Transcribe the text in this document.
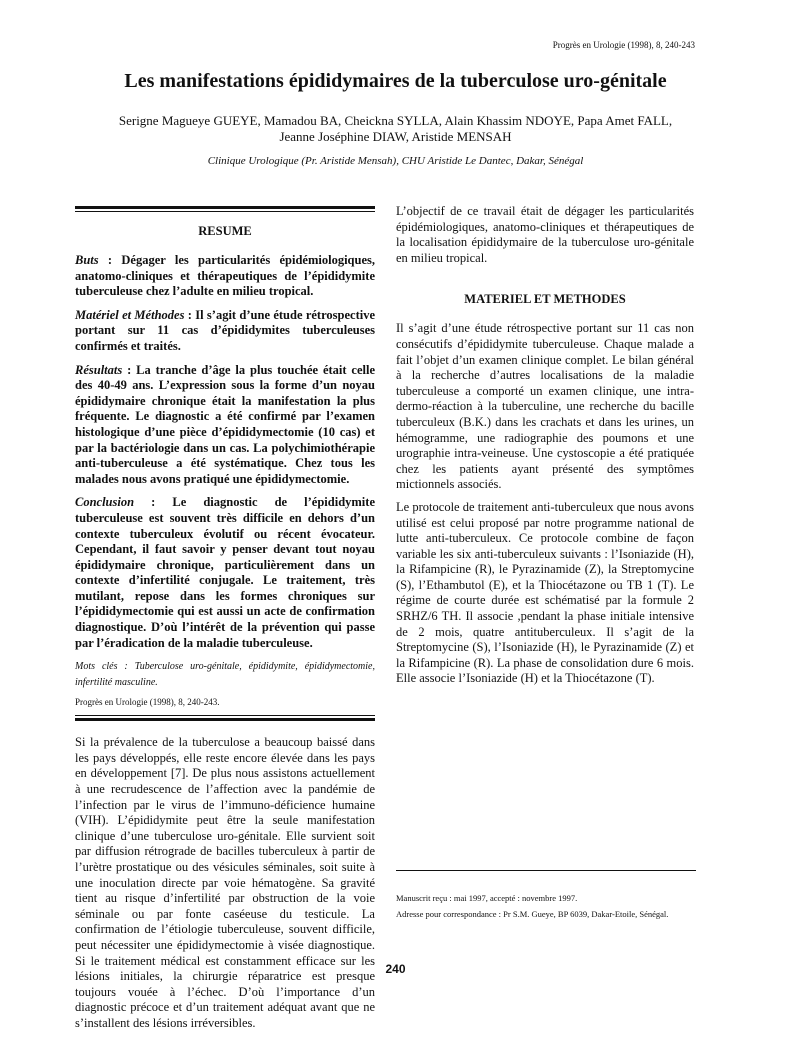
Progrès en Urologie (1998), 8, 240-243
Les manifestations épididymaires de la tuberculose uro-génitale
Serigne Magueye GUEYE, Mamadou BA, Cheickna SYLLA, Alain Khassim NDOYE, Papa Amet FALL,
Jeanne Joséphine DIAW, Aristide MENSAH
Clinique Urologique (Pr. Aristide Mensah), CHU Aristide Le Dantec, Dakar, Sénégal

RESUME

Buts : Dégager les particularités épidémiologiques, anatomo-cliniques et thérapeutiques de l’épididymite tuberculeuse chez l’adulte en milieu tropical.

Matériel et Méthodes : Il s’agit d’une étude rétrospective portant sur 11 cas d’épididymites tuberculeuses confirmés et traités.

Résultats : La tranche d’âge la plus touchée était celle des 40-49 ans. L’expression sous la forme d’un noyau épididymaire chronique était la manifestation la plus fréquente. Le diagnostic a été confirmé par l’examen histologique d’une pièce d’épididymectomie (10 cas) et par la bactériologie dans un cas. La polychimiothérapie anti-tuberculeuse a été systématique. Chez tous les malades nous avons pratiqué une épididymectomie.

Conclusion : Le diagnostic de l’épididymite tuberculeuse est souvent très difficile en dehors d’un contexte tuberculeux évolutif ou récent évocateur. Cependant, il faut savoir y penser devant tout noyau épididymaire chronique, particulièrement dans un contexte d’infertilité conjugale. Le traitement, très mutilant, repose dans les formes chroniques sur l’épididymectomie qui est aussi un acte de confirmation diagnostique. D’où l’intérêt de la prévention qui passe par l’éradication de la maladie tuberculeuse.

Mots clés : Tuberculose uro-génitale, épididymite, épididymectomie, infertilité masculine.

Progrès en Urologie (1998), 8, 240-243.

Si la prévalence de la tuberculose a beaucoup baissé dans les pays développés, elle reste encore élevée dans les pays en développement [7]. De plus nous assistons actuellement à une recrudescence de l’affection avec la pandémie de l’infection par le virus de l’immuno-déficience humaine (VIH). L’épididymite peut être la seule manifestation clinique d’une tuberculose uro-génitale. Elle survient soit par diffusion rétrograde de bacilles tuberculeux à partir de l’urètre prostatique ou des vésicules séminales, soit suite à une inoculation directe par voie hématogène. Sa gravité tient au risque d’infertilité par obstruction de la voie séminale ou par fonte caséeuse du testicule. La confirmation de l’étiologie tuberculeuse, souvent difficile, peut nécessiter une épididymectomie à visée diagnostique. Si le traitement médical est constamment efficace sur les lésions initiales, la chirurgie réparatrice est presque toujours vouée à l’échec. D’où l’importance d’un diagnostic précoce et d’un traitement adéquat avant que ne s’installent des lésions irréversibles.

L’objectif de ce travail était de dégager les particularités épidémiologiques, anatomo-cliniques et thérapeutiques de la localisation épididymaire de la tuberculose uro-génitale en milieu tropical.

MATERIEL ET METHODES

Il s’agit d’une étude rétrospective portant sur 11 cas non consécutifs d’épididymite tuberculeuse. Chaque malade a fait l’objet d’un examen clinique complet. Le bilan général à la recherche d’autres localisations de la maladie tuberculeuse a comporté un examen clinique, une intra-dermo-réaction à la tuberculine, une recherche du bacille tuberculeux (B.K.) dans les crachats et dans les urines, un hémogramme, une radiographie des poumons et une urographie intra-veineuse. Une cystoscopie a été pratiquée chez les patients ayant présenté des symptômes mictionnels associés.

Le protocole de traitement anti-tuberculeux que nous avons utilisé est celui proposé par notre programme national de lutte anti-tuberculeux. Ce protocole combine de façon variable les six anti-tuberculeux suivants : l’Isoniazide (H), la Rifampicine (R), le Pyrazinamide (Z), la Streptomycine (S), l’Ethambutol (E), et la Thiocétazone ou TB 1 (T). Le régime de courte durée est schématisé par la formule 2 SRHZ/6 TH. Il associe ,pendant la phase initiale intensive de 2 mois, quatre antituberculeux. Il s’agit de la Streptomycine (S), l’Isoniazide (H), le Pyrazinamide (Z) et la Rifampicine (R). La phase de consolidation dure 6 mois. Elle associe l’Isoniazide (H) et la Thiocétazone (T).

Manuscrit reçu : mai 1997, accepté : novembre 1997.
Adresse pour correspondance : Pr S.M. Gueye, BP 6039, Dakar-Etoile, Sénégal.
240
